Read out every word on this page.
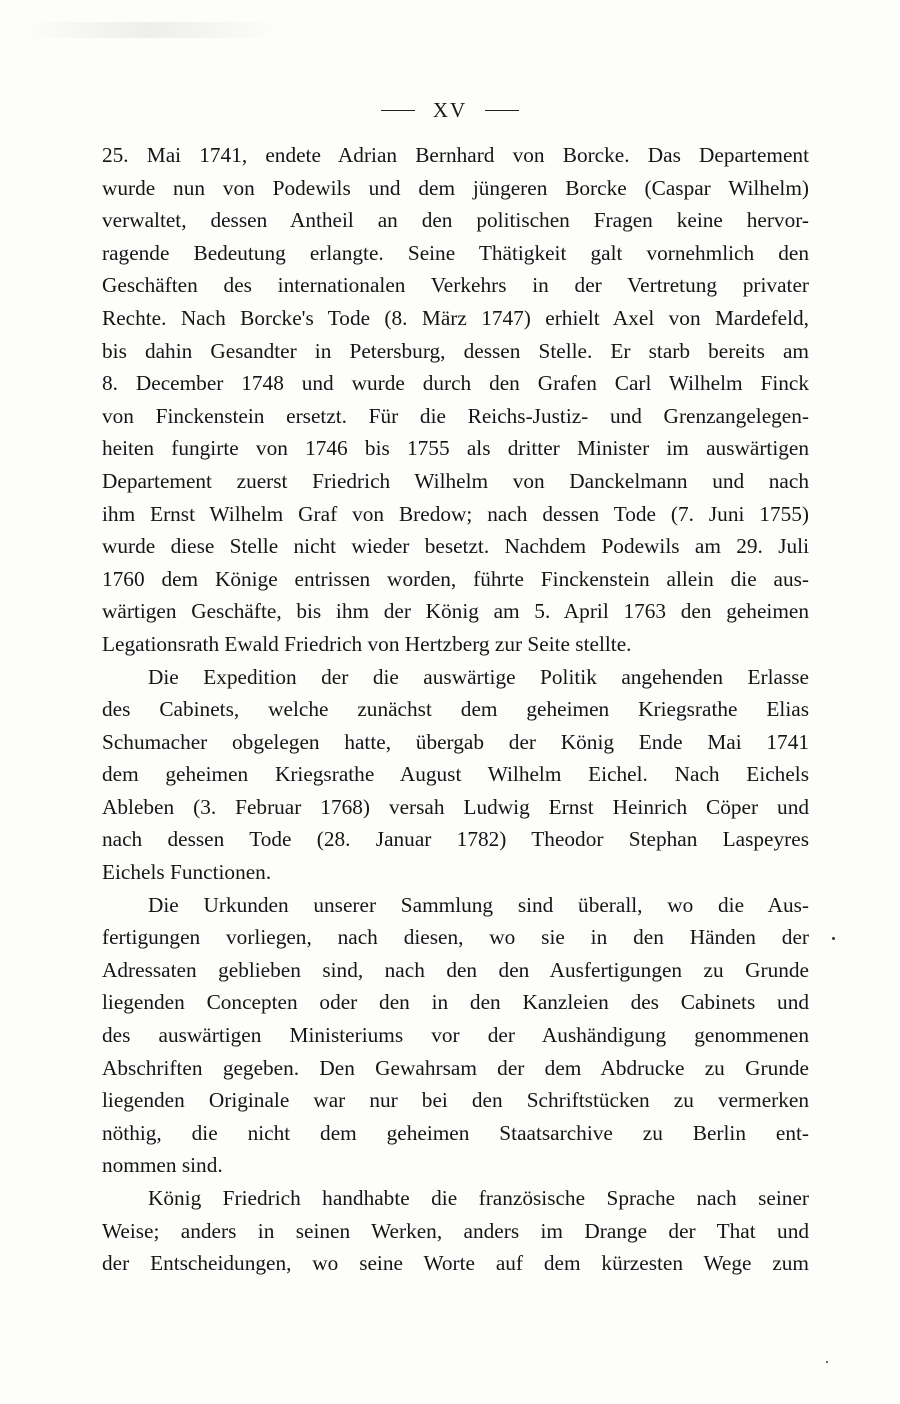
XV
25. Mai 1741, endete Adrian Bernhard von Borcke. Das Departement
wurde nun von Podewils und dem jüngeren Borcke (Caspar Wilhelm)
verwaltet, dessen Antheil an den politischen Fragen keine hervor-
ragende Bedeutung erlangte. Seine Thätigkeit galt vornehmlich den
Geschäften des internationalen Verkehrs in der Vertretung privater
Rechte. Nach Borcke's Tode (8. März 1747) erhielt Axel von Mardefeld,
bis dahin Gesandter in Petersburg, dessen Stelle. Er starb bereits am
8. December 1748 und wurde durch den Grafen Carl Wilhelm Finck
von Finckenstein ersetzt. Für die Reichs-Justiz- und Grenzangelegen-
heiten fungirte von 1746 bis 1755 als dritter Minister im auswärtigen
Departement zuerst Friedrich Wilhelm von Danckelmann und nach
ihm Ernst Wilhelm Graf von Bredow; nach dessen Tode (7. Juni 1755)
wurde diese Stelle nicht wieder besetzt. Nachdem Podewils am 29. Juli
1760 dem Könige entrissen worden, führte Finckenstein allein die aus-
wärtigen Geschäfte, bis ihm der König am 5. April 1763 den geheimen
Legationsrath Ewald Friedrich von Hertzberg zur Seite stellte.
Die Expedition der die auswärtige Politik angehenden Erlasse
des Cabinets, welche zunächst dem geheimen Kriegsrathe Elias
Schumacher obgelegen hatte, übergab der König Ende Mai 1741
dem geheimen Kriegsrathe August Wilhelm Eichel. Nach Eichels
Ableben (3. Februar 1768) versah Ludwig Ernst Heinrich Cöper und
nach dessen Tode (28. Januar 1782) Theodor Stephan Laspeyres
Eichels Functionen.
Die Urkunden unserer Sammlung sind überall, wo die Aus-
fertigungen vorliegen, nach diesen, wo sie in den Händen der
Adressaten geblieben sind, nach den den Ausfertigungen zu Grunde
liegenden Concepten oder den in den Kanzleien des Cabinets und
des auswärtigen Ministeriums vor der Aushändigung genommenen
Abschriften gegeben. Den Gewahrsam der dem Abdrucke zu Grunde
liegenden Originale war nur bei den Schriftstücken zu vermerken
nöthig, die nicht dem geheimen Staatsarchive zu Berlin ent-
nommen sind.
König Friedrich handhabte die französische Sprache nach seiner
Weise; anders in seinen Werken, anders im Drange der That und
der Entscheidungen, wo seine Worte auf dem kürzesten Wege zum
